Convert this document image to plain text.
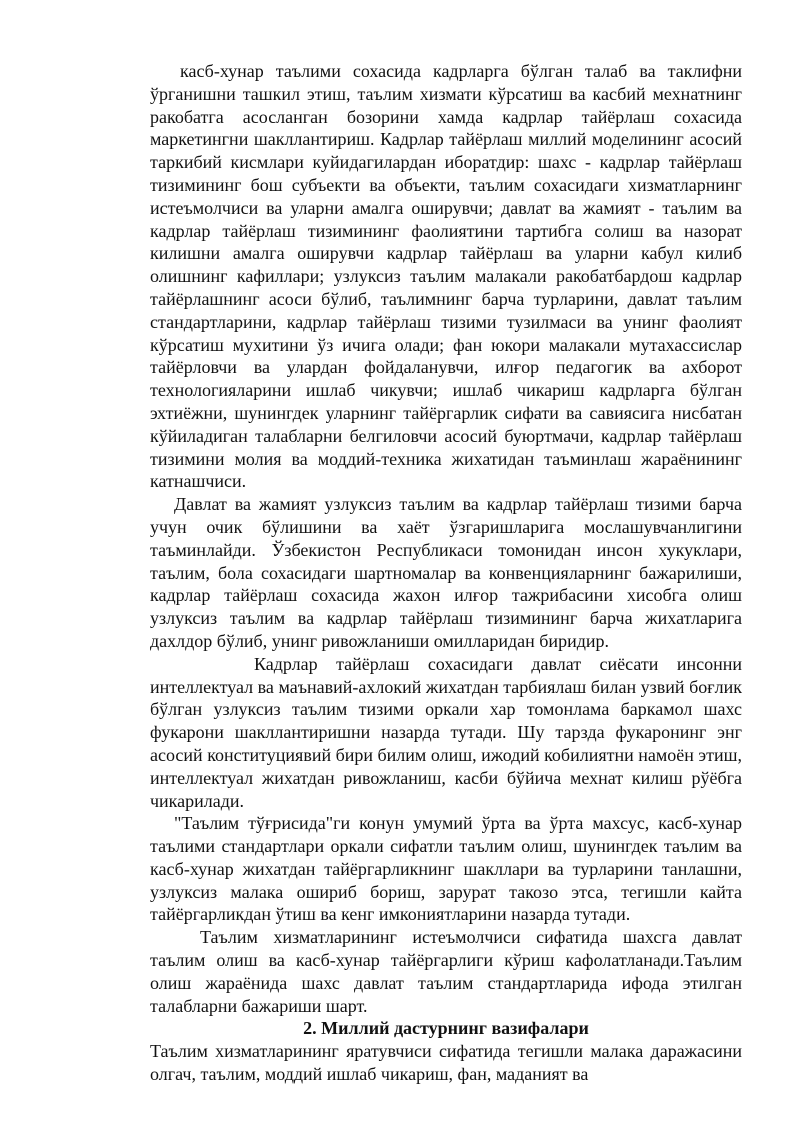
касб-хунар таълими сохасида кадрларга бўлган талаб ва таклифни ўрганишни ташкил этиш, таълим хизмати кўрсатиш ва касбий мехнатнинг ракобатга асосланган бозорини хамда кадрлар тайёрлаш сохасида маркетингни шакллантириш. Кадрлар тайёрлаш миллий моделининг асосий таркибий кисмлари куйидагилардан иборатдир: шахс - кадрлар тайёрлаш тизимининг бош субъекти ва объекти, таълим сохасидаги хизматларнинг истеъмолчиси ва уларни амалга оширувчи; давлат ва жамият - таълим ва кадрлар тайёрлаш тизимининг фаолиятини тартибга солиш ва назорат килишни амалга оширувчи кадрлар тайёрлаш ва уларни кабул килиб олишнинг кафиллари; узлуксиз таълим малакали ракобатбардош кадрлар тайёрлашнинг асоси бўлиб, таълимнинг барча турларини, давлат таълим стандартларини, кадрлар тайёрлаш тизими тузилмаси ва унинг фаолият кўрсатиш мухитини ўз ичига олади; фан юкори малакали мутахассислар тайёрловчи ва улардан фойдаланувчи, илғор педагогик ва ахборот технологияларини ишлаб чикувчи; ишлаб чикариш кадрларга бўлган эхтиёжни, шунингдек уларнинг тайёргарлик сифати ва савиясига нисбатан кўйиладиган талабларни белгиловчи асосий буюртмачи, кадрлар тайёрлаш тизимини молия ва моддий-техника жихатидан таъминлаш жараёнининг катнашчиси.

Давлат ва жамият узлуксиз таълим ва кадрлар тайёрлаш тизими барча учун очик бўлишини ва хаёт ўзгаришларига мослашувчанлигини таъминлайди. Ўзбекистон Республикаси томонидан инсон хукуклари, таълим, бола сохасидаги шартномалар ва конвенцияларнинг бажарилиши, кадрлар тайёрлаш сохасида жахон илғор тажрибасини хисобга олиш узлуксиз таълим ва кадрлар тайёрлаш тизимининг барча жихатларига дахлдор бўлиб, унинг ривожланиши омилларидан биридир.

Кадрлар тайёрлаш сохасидаги давлат сиёсати инсонни интеллектуал ва маънавий-ахлокий жихатдан тарбиялаш билан узвий боғлик бўлган узлуксиз таълим тизими оркали хар томонлама баркамол шахс фукарони шакллантиришни назарда тутади. Шу тарзда фукаронинг энг асосий конституциявий бири билим олиш, ижодий кобилиятни намоён этиш, интеллектуал жихатдан ривожланиш, касби бўйича мехнат килиш рўёбга чикарилади.

"Таълим тўғрисида"ги конун умумий ўрта ва ўрта махсус, касб-хунар таълими стандартлари оркали сифатли таълим олиш, шунингдек таълим ва касб-хунар жихатдан тайёргарликнинг шакллари ва турларини танлашни, узлуксиз малака ошириб бориш, зарурат такозо этса, тегишли кайта тайёргарликдан ўтиш ва кенг имкониятларини назарда тутади.

Таълим хизматларининг истеъмолчиси сифатида шахсга давлат таълим олиш ва касб-хунар тайёргарлиги кўриш кафолатланади.Таълим олиш жараёнида шахс давлат таълим стандартларида ифода этилган талабларни бажариши шарт.

2. Миллий дастурнинг вазифалари

Таълим хизматларининг яратувчиси сифатида тегишли малака даражасини олгач, таълим, моддий ишлаб чикариш, фан, маданият ва
